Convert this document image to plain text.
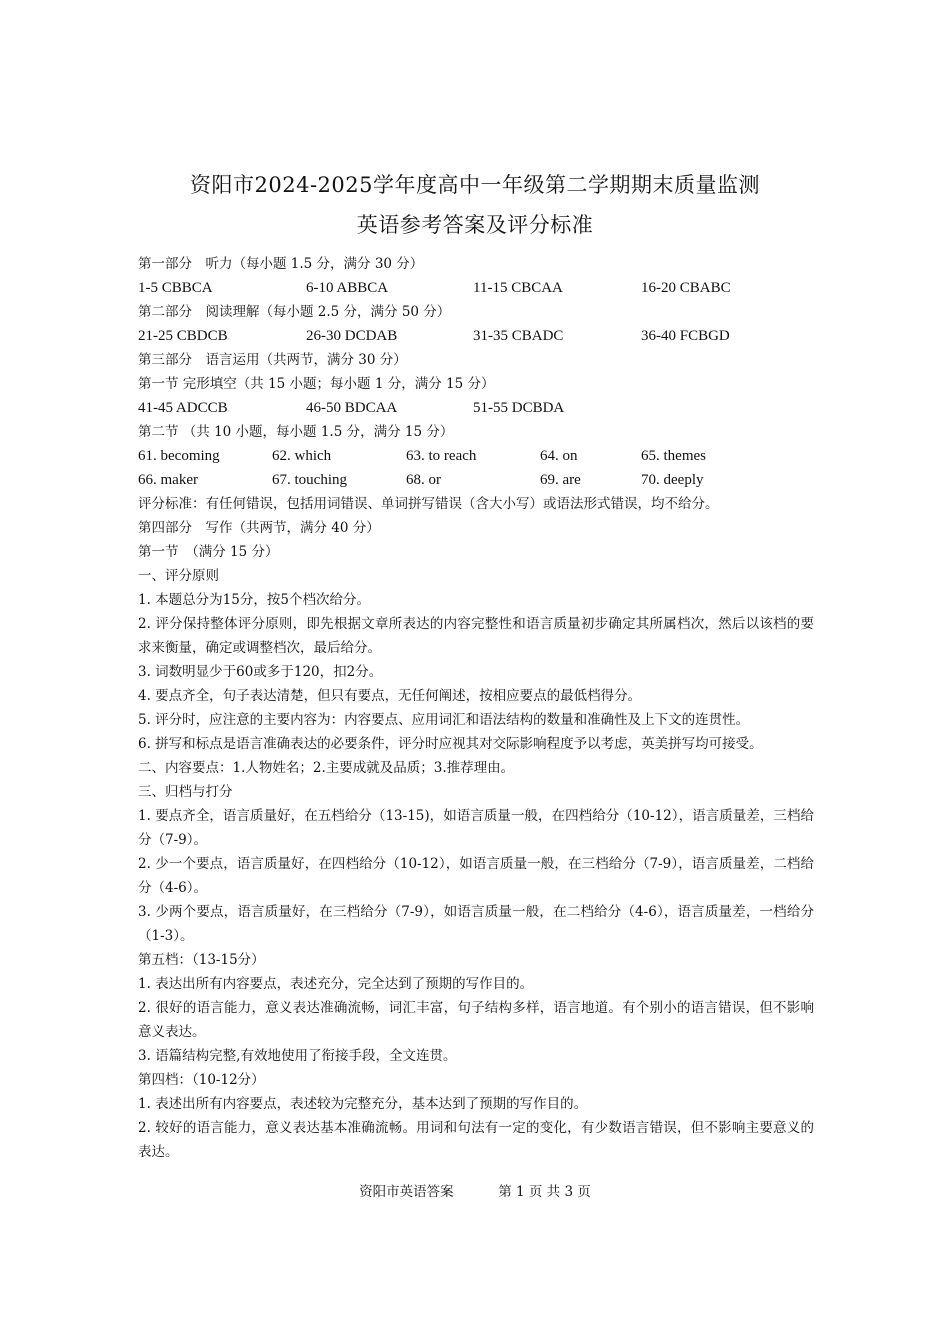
资阳市2024-2025学年度高中一年级第二学期期末质量监测
英语参考答案及评分标准
第一部分　听力（每小题 1.5 分，满分 30 分）
1-5 CBBCA	6-10 ABBCA	11-15 CBCAA	16-20 CBABC
第二部分　阅读理解（每小题 2.5 分，满分 50 分）
21-25 CBDCB	26-30 DCDAB	31-35 CBADC	36-40 FCBGD
第三部分　语言运用（共两节，满分 30 分）
第一节 完形填空（共 15 小题；每小题 1 分，满分 15 分）
41-45 ADCCB	46-50 BDCAA	51-55 DCBDA
第二节 （共 10 小题，每小题 1.5 分，满分 15 分）
61. becoming	62. which	63. to reach	64. on	65. themes
66. maker	67. touching	68. or	69. are	70. deeply
评分标准：有任何错误，包括用词错误、单词拼写错误（含大小写）或语法形式错误，均不给分。
第四部分　写作（共两节，满分 40 分）
第一节　（满分 15 分）
一、评分原则
1. 本题总分为15分，按5个档次给分。
2. 评分保持整体评分原则，即先根据文章所表达的内容完整性和语言质量初步确定其所属档次，然后以该档的要求来衡量，确定或调整档次，最后给分。
3. 词数明显少于60或多于120，扣2分。
4. 要点齐全，句子表达清楚，但只有要点，无任何阐述，按相应要点的最低档得分。
5. 评分时，应注意的主要内容为：内容要点、应用词汇和语法结构的数量和准确性及上下文的连贯性。
6. 拼写和标点是语言准确表达的必要条件，评分时应视其对交际影响程度予以考虑，英美拼写均可接受。
二、内容要点：1.人物姓名；2.主要成就及品质；3.推荐理由。
三、归档与打分
1. 要点齐全，语言质量好，在五档给分（13-15)，如语言质量一般，在四档给分（10-12），语言质量差，三档给分（7-9）。
2. 少一个要点，语言质量好，在四档给分（10-12），如语言质量一般，在三档给分（7-9），语言质量差，二档给分（4-6）。
3. 少两个要点，语言质量好，在三档给分（7-9），如语言质量一般，在二档给分（4-6），语言质量差，一档给分（1-3）。
第五档：（13-15分）
1. 表达出所有内容要点，表述充分，完全达到了预期的写作目的。
2. 很好的语言能力，意义表达准确流畅，词汇丰富，句子结构多样，语言地道。有个别小的语言错误，但不影响意义表达。
3. 语篇结构完整,有效地使用了衔接手段，全文连贯。
第四档：（10-12分）
1. 表述出所有内容要点，表述较为完整充分，基本达到了预期的写作目的。
2. 较好的语言能力，意义表达基本准确流畅。用词和句法有一定的变化，有少数语言错误，但不影响主要意义的表达。
资阳市英语答案	第 1 页 共 3 页
